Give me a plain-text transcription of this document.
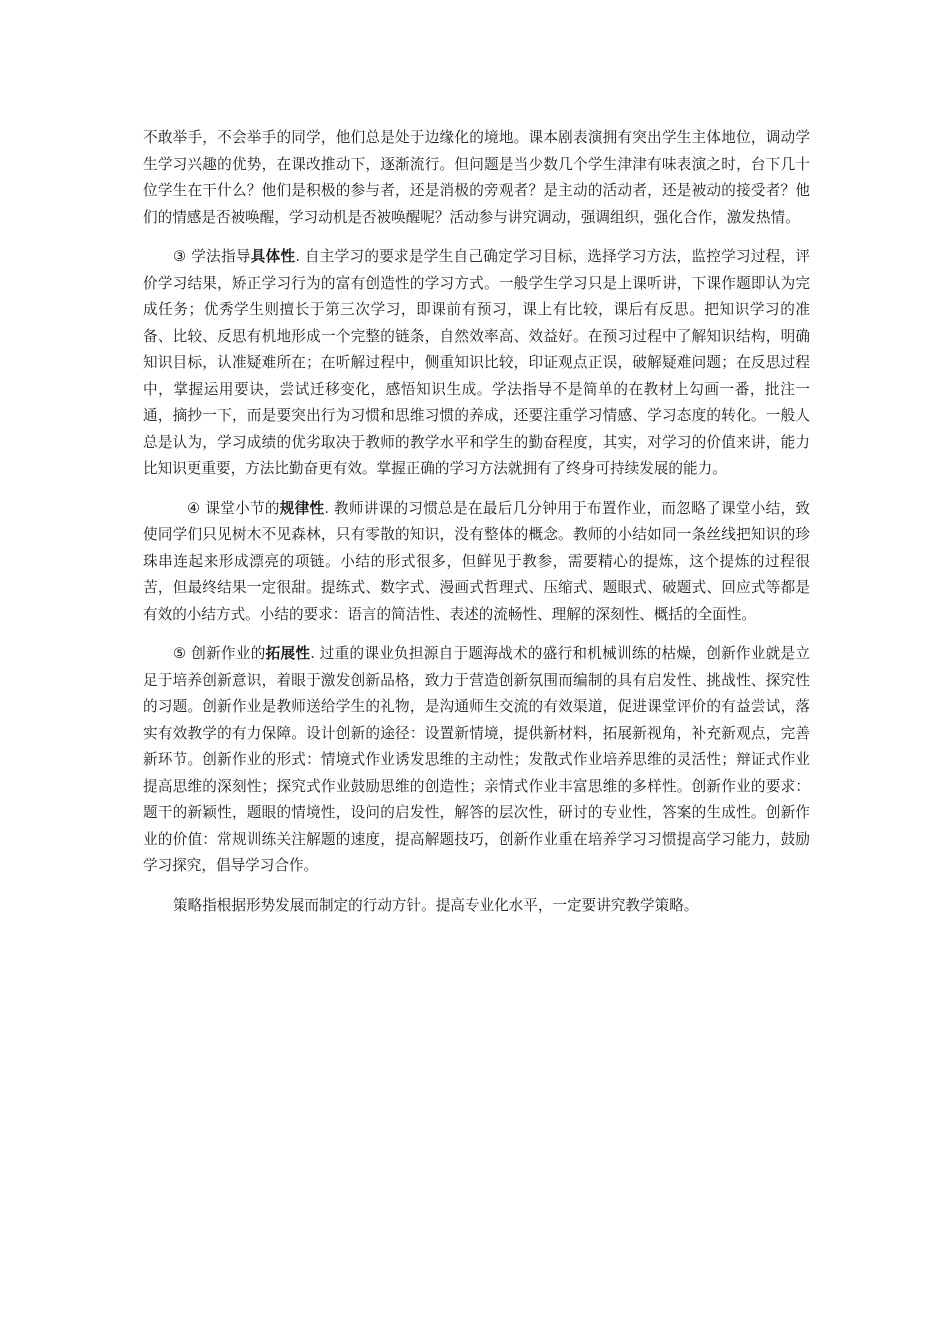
不敢举手，不会举手的同学，他们总是处于边缘化的境地。课本剧表演拥有突出学生主体地位，调动学生学习兴趣的优势，在课改推动下，逐渐流行。但问题是当少数几个学生津津有味表演之时，台下几十位学生在干什么？他们是积极的参与者，还是消极的旁观者？是主动的活动者，还是被动的接受者？他们的情感是否被唤醒，学习动机是否被唤醒呢？活动参与讲究调动，强调组织，强化合作，激发热情。

③ 学法指导具体性. 自主学习的要求是学生自己确定学习目标，选择学习方法，监控学习过程，评价学习结果，矫正学习行为的富有创造性的学习方式。一般学生学习只是上课听讲，下课作题即认为完成任务；优秀学生则擅长于第三次学习，即课前有预习，课上有比较，课后有反思。把知识学习的准备、比较、反思有机地形成一个完整的链条，自然效率高、效益好。在预习过程中了解知识结构，明确知识目标，认准疑难所在；在听解过程中，侧重知识比较，印证观点正误，破解疑难问题；在反思过程中，掌握运用要诀，尝试迁移变化，感悟知识生成。学法指导不是简单的在教材上勾画一番，批注一通，摘抄一下，而是要突出行为习惯和思维习惯的养成，还要注重学习情感、学习态度的转化。一般人总是认为，学习成绩的优劣取决于教师的教学水平和学生的勤奋程度，其实，对学习的价值来讲，能力比知识更重要，方法比勤奋更有效。掌握正确的学习方法就拥有了终身可持续发展的能力。

④ 课堂小节的规律性. 教师讲课的习惯总是在最后几分钟用于布置作业，而忽略了课堂小结，致使同学们只见树木不见森林，只有零散的知识，没有整体的概念。教师的小结如同一条丝线把知识的珍珠串连起来形成漂亮的项链。小结的形式很多，但鲜见于教参，需要精心的提炼，这个提炼的过程很苦，但最终结果一定很甜。提练式、数字式、漫画式哲理式、压缩式、题眼式、破题式、回应式等都是有效的小结方式。小结的要求：语言的简洁性、表述的流畅性、理解的深刻性、概括的全面性。

⑤ 创新作业的拓展性. 过重的课业负担源自于题海战术的盛行和机械训练的枯燥，创新作业就是立足于培养创新意识，着眼于激发创新品格，致力于营造创新氛围而编制的具有启发性、挑战性、探究性的习题。创新作业是教师送给学生的礼物，是沟通师生交流的有效渠道，促进课堂评价的有益尝试，落实有效教学的有力保障。设计创新的途径：设置新情境，提供新材料，拓展新视角，补充新观点，完善新环节。创新作业的形式：情境式作业诱发思维的主动性；发散式作业培养思维的灵活性；辩证式作业提高思维的深刻性；探究式作业鼓励思维的创造性；亲情式作业丰富思维的多样性。创新作业的要求：题干的新颖性，题眼的情境性，设问的启发性，解答的层次性，研讨的专业性，答案的生成性。创新作业的价值：常规训练关注解题的速度，提高解题技巧，创新作业重在培养学习习惯提高学习能力，鼓励学习探究，倡导学习合作。

策略指根据形势发展而制定的行动方针。提高专业化水平，一定要讲究教学策略。
